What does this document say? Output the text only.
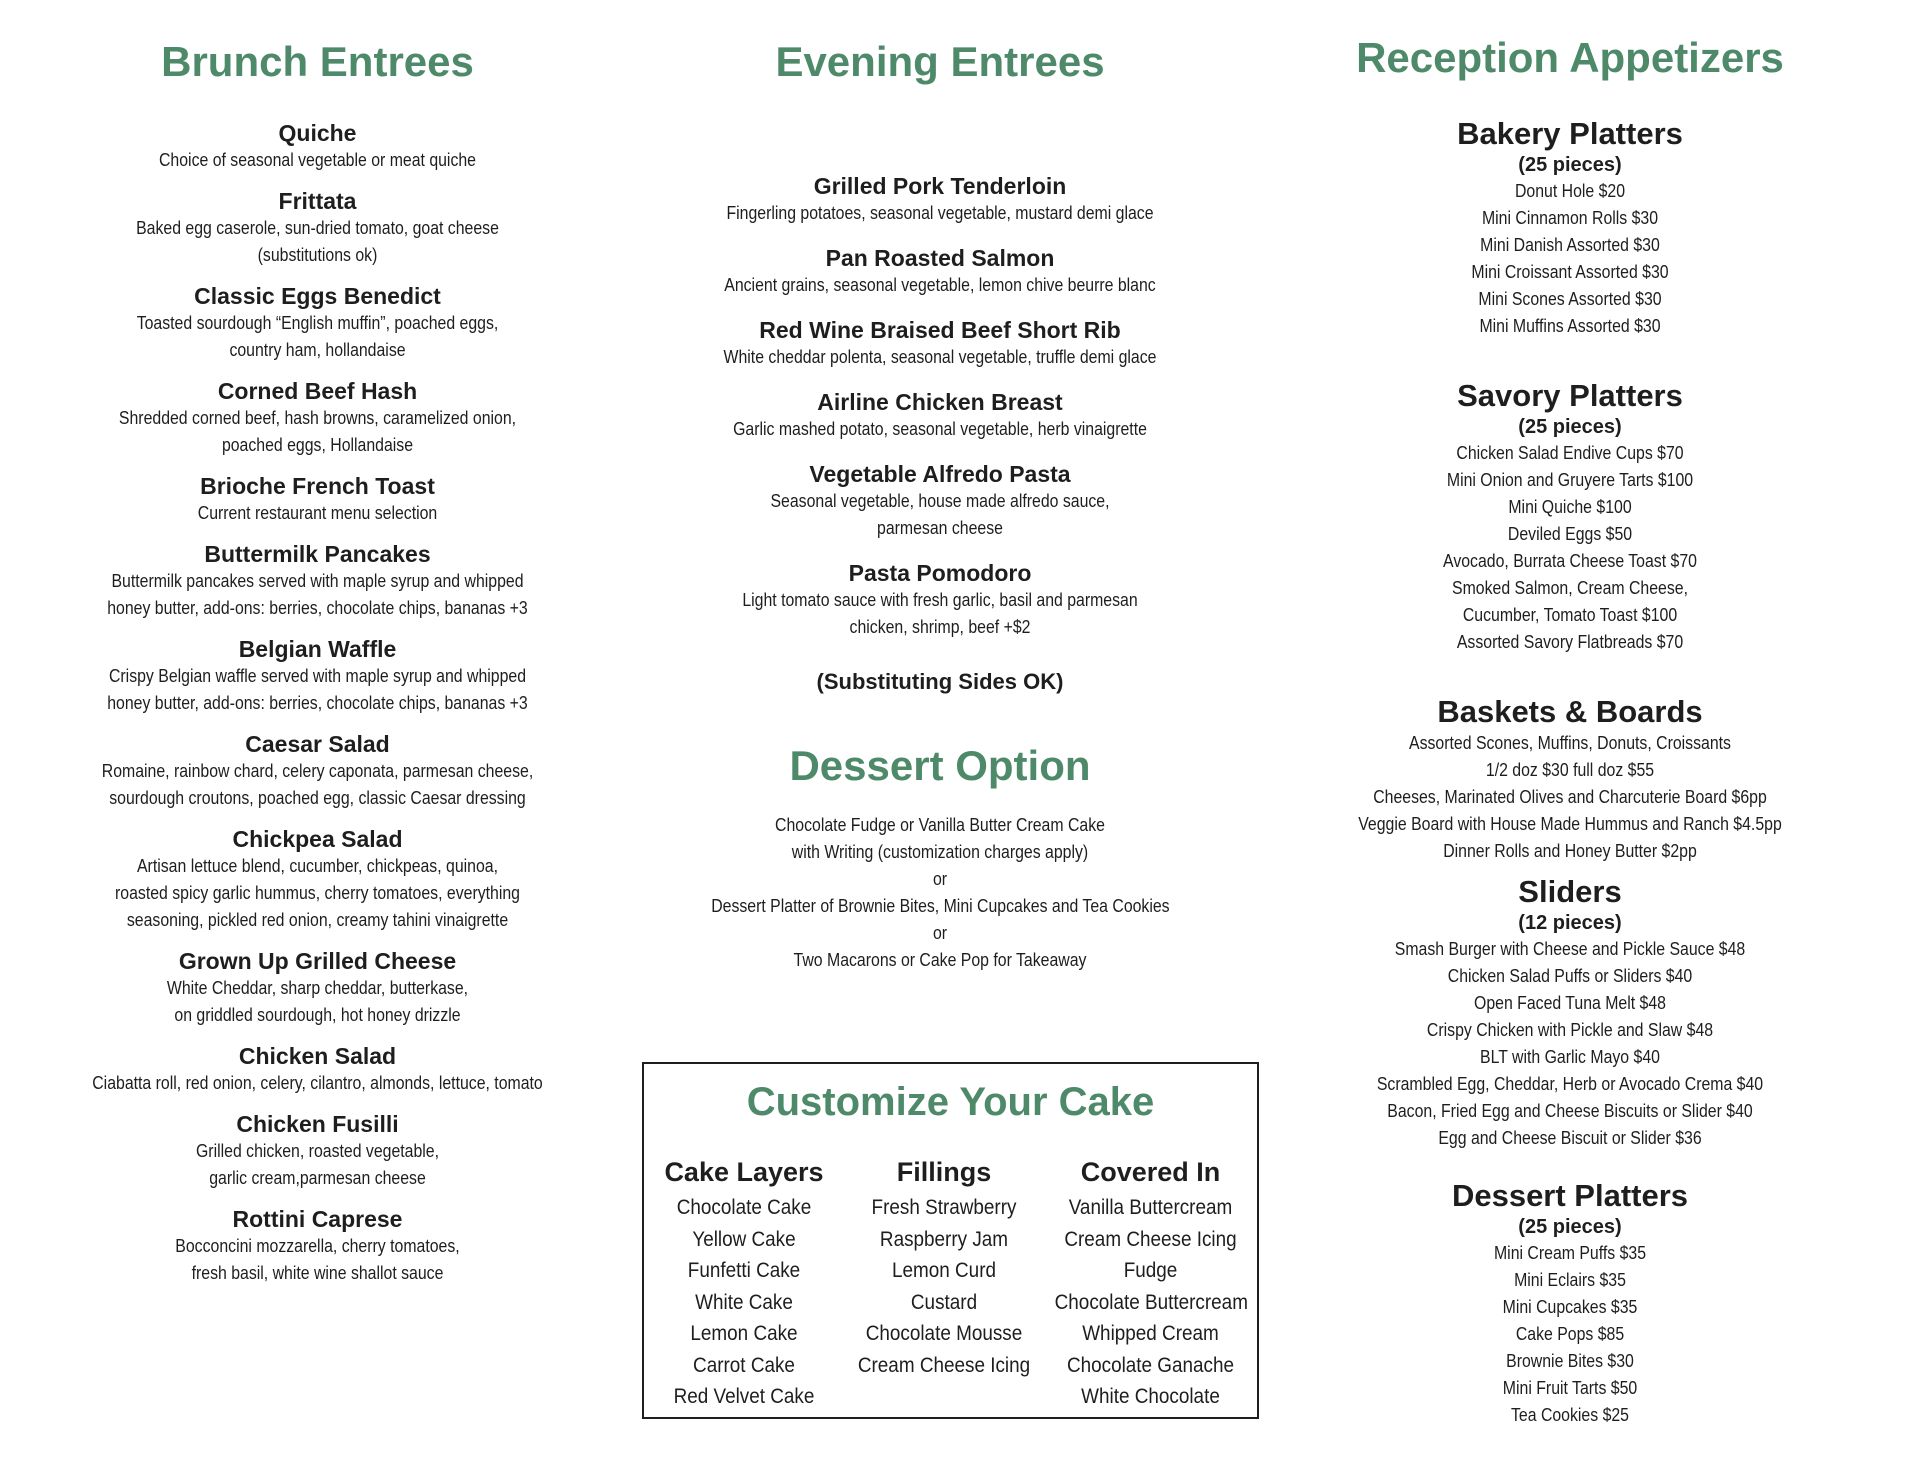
Brunch Entrees
Quiche
Choice of seasonal vegetable or meat quiche
Frittata
Baked egg caserole, sun-dried tomato, goat cheese
(substitutions ok)
Classic Eggs Benedict
Toasted sourdough “English muffin”, poached eggs,
country ham, hollandaise
Corned Beef Hash
Shredded corned beef, hash browns, caramelized onion,
poached eggs, Hollandaise
Brioche French Toast
Current restaurant menu selection
Buttermilk Pancakes
Buttermilk pancakes served with maple syrup and whipped
honey butter, add-ons: berries, chocolate chips, bananas +3
Belgian Waffle
Crispy Belgian waffle served with maple syrup and whipped
honey butter, add-ons: berries, chocolate chips, bananas +3
Caesar Salad
Romaine, rainbow chard, celery caponata, parmesan cheese,
sourdough croutons, poached egg, classic Caesar dressing
Chickpea Salad
Artisan lettuce blend, cucumber, chickpeas, quinoa,
roasted spicy garlic hummus, cherry tomatoes, everything
seasoning, pickled red onion, creamy tahini vinaigrette
Grown Up Grilled Cheese
White Cheddar, sharp cheddar, butterkase,
on griddled sourdough, hot honey drizzle
Chicken Salad
Ciabatta roll, red onion, celery, cilantro, almonds, lettuce, tomato
Chicken Fusilli
Grilled chicken, roasted vegetable,
garlic cream,parmesan cheese
Rottini Caprese
Bocconcini mozzarella, cherry tomatoes,
fresh basil, white wine shallot sauce
Evening Entrees
Grilled Pork Tenderloin
Fingerling potatoes, seasonal vegetable, mustard demi glace
Pan Roasted Salmon
Ancient grains, seasonal vegetable, lemon chive beurre blanc
Red Wine Braised Beef Short Rib
White cheddar polenta, seasonal vegetable, truffle demi glace
Airline Chicken Breast
Garlic mashed potato, seasonal vegetable, herb vinaigrette
Vegetable Alfredo Pasta
Seasonal vegetable, house made alfredo sauce,
parmesan cheese
Pasta Pomodoro
Light tomato sauce with fresh garlic, basil and parmesan
chicken, shrimp, beef +$2
(Substituting Sides OK)
Dessert Option
Chocolate Fudge or Vanilla Butter Cream Cake
with Writing (customization charges apply)
or
Dessert Platter of Brownie Bites, Mini Cupcakes and Tea Cookies
or
Two Macarons or Cake Pop for Takeaway
Customize Your Cake
Cake Layers
Chocolate Cake
Yellow Cake
Funfetti Cake
White Cake
Lemon Cake
Carrot Cake
Red Velvet Cake
Fillings
Fresh Strawberry
Raspberry Jam
Lemon Curd
Custard
Chocolate Mousse
Cream Cheese Icing
Covered In
Vanilla Buttercream
Cream Cheese Icing
Fudge
Chocolate Buttercream
Whipped Cream
Chocolate Ganache
White Chocolate
Reception Appetizers
Bakery Platters
(25 pieces)
Donut Hole $20
Mini Cinnamon Rolls $30
Mini Danish Assorted $30
Mini Croissant Assorted $30
Mini Scones Assorted $30
Mini Muffins Assorted $30
Savory Platters
(25 pieces)
Chicken Salad Endive Cups $70
Mini Onion and Gruyere Tarts $100
Mini Quiche $100
Deviled Eggs $50
Avocado, Burrata Cheese Toast $70
Smoked Salmon, Cream Cheese,
Cucumber, Tomato Toast $100
Assorted Savory Flatbreads $70
Baskets & Boards
Assorted Scones, Muffins, Donuts, Croissants
1/2 doz $30 full doz $55
Cheeses, Marinated Olives and Charcuterie Board $6pp
Veggie Board with House Made Hummus and Ranch $4.5pp
Dinner Rolls and Honey Butter $2pp
Sliders
(12 pieces)
Smash Burger with Cheese and Pickle Sauce $48
Chicken Salad Puffs or Sliders $40
Open Faced Tuna Melt $48
Crispy Chicken with Pickle and Slaw $48
BLT with Garlic Mayo $40
Scrambled Egg, Cheddar, Herb or Avocado Crema $40
Bacon, Fried Egg and Cheese Biscuits or Slider $40
Egg and Cheese Biscuit or Slider $36
Dessert Platters
(25 pieces)
Mini Cream Puffs $35
Mini Eclairs $35
Mini Cupcakes $35
Cake Pops $85
Brownie Bites $30
Mini Fruit Tarts $50
Tea Cookies $25
